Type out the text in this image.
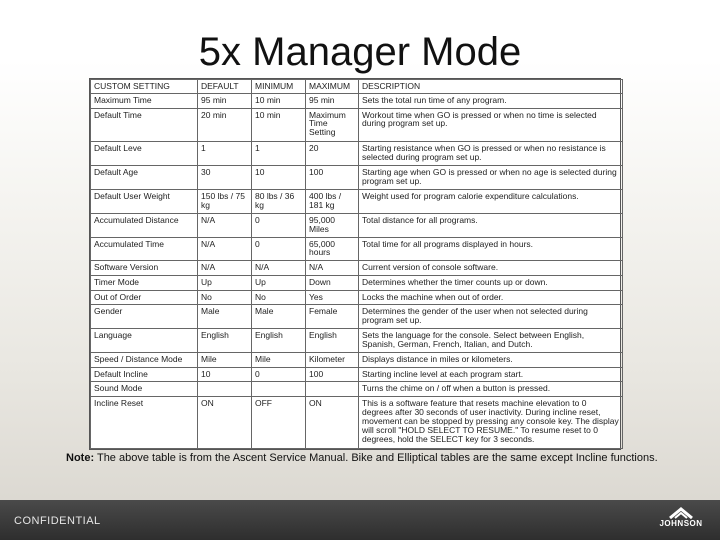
5x Manager Mode
CUSTOM SETTING	DEFAULT	MINIMUM	MAXIMUM	DESCRIPTION
Maximum Time	95 min	10 min	95 min	Sets the total run time of any program.
Default Time	20 min	10 min	Maximum Time Setting	Workout time when GO is pressed or when no time is selected during program set up.
Default Leve	1	1	20	Starting resistance when GO is pressed or when no resistance is selected during program set up.
Default Age	30	10	100	Starting age when GO is pressed or when no age is selected during program set up.
Default User Weight	150 lbs / 75 kg	80 lbs / 36 kg	400 lbs / 181 kg	Weight used for program calorie expenditure calculations.
Accumulated Distance	N/A	0	95,000 Miles	Total distance for all programs.
Accumulated Time	N/A	0	65,000 hours	Total time for all programs displayed in hours.
Software Version	N/A	N/A	N/A	Current version of console software.
Timer Mode	Up	Up	Down	Determines whether the timer counts up or down.
Out of Order	No	No	Yes	Locks the machine when out of order.
Gender	Male	Male	Female	Determines the gender of the user when not selected during program set up.
Language	English	English	English	Sets the language for the console. Select between English, Spanish, German, French, Italian, and Dutch.
Speed / Distance Mode	Mile	Mile	Kilometer	Displays distance in miles or kilometers.
Default Incline	10	0	100	Starting incline level at each program start.
Sound Mode				Turns the chime on / off when a button is pressed.
Incline Reset	ON	OFF	ON	This is a software feature that resets machine elevation to 0 degrees after 30 seconds of user inactivity. During incline reset, movement can be stopped by pressing any console key. The display will scroll "HOLD SELECT TO RESUME." To resume reset to 0 degrees, hold the SELECT key for 3 seconds.
Note: The above table is from the Ascent Service Manual. Bike and Elliptical tables are the same except Incline functions.
CONFIDENTIAL	JOHNSON
